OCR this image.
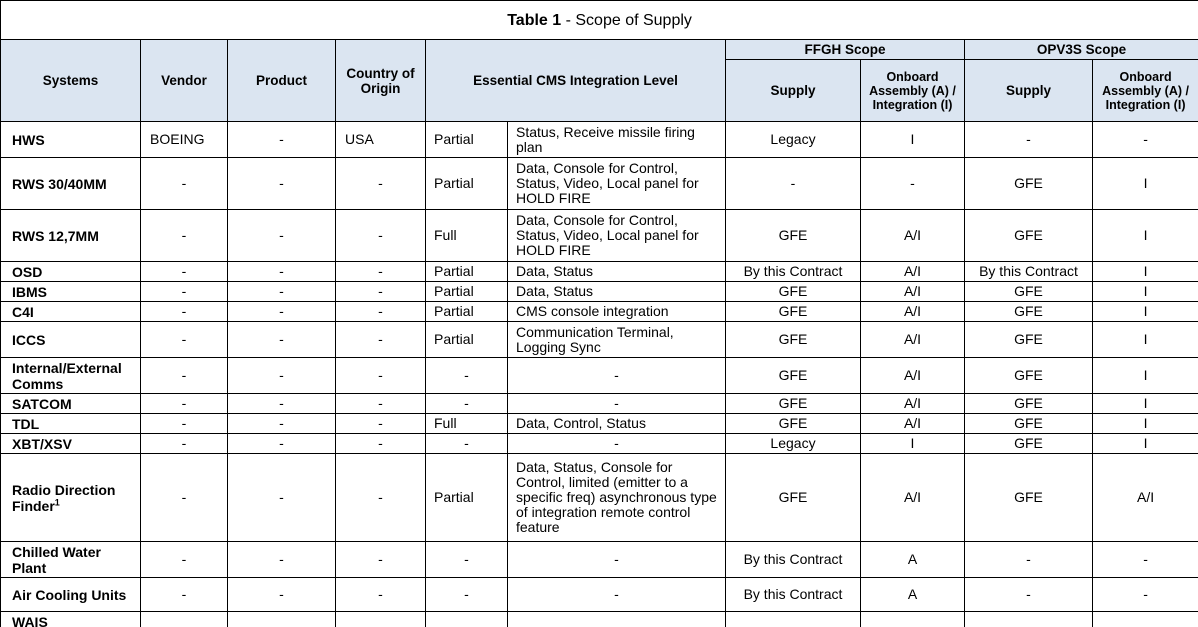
Table 1 - Scope of Supply									
Systems	Vendor	Product	Country of Origin	Essential CMS Integration Level		FFGH Scope		OPV3S Scope	
						Supply	Onboard Assembly (A) / Integration (I)	Supply	Onboard Assembly (A) / Integration (I)
HWS	BOEING	-	USA	Partial	Status, Receive missile firing plan	Legacy	I	-	-
RWS 30/40MM	-	-	-	Partial	Data, Console for Control, Status, Video, Local panel for HOLD FIRE	-	-	GFE	I
RWS 12,7MM	-	-	-	Full	Data, Console for Control, Status, Video, Local panel for HOLD FIRE	GFE	A/I	GFE	I
OSD	-	-	-	Partial	Data, Status	By this Contract	A/I	By this Contract	I
IBMS	-	-	-	Partial	Data, Status	GFE	A/I	GFE	I
C4I	-	-	-	Partial	CMS console integration	GFE	A/I	GFE	I
ICCS	-	-	-	Partial	Communication Terminal, Logging Sync	GFE	A/I	GFE	I
Internal/External Comms	-	-	-	-	-	GFE	A/I	GFE	I
SATCOM	-	-	-	-	-	GFE	A/I	GFE	I
TDL	-	-	-	Full	Data, Control, Status	GFE	A/I	GFE	I
XBT/XSV	-	-	-	-	-	Legacy	I	GFE	I
Radio Direction Finder$^1$	-	-	-	Partial	Data, Status, Console for Control, limited (emitter to a specific freq) asynchronous type of integration remote control feature	GFE	A/I	GFE	A/I
Chilled Water Plant	-	-	-	-	-	By this Contract	A	-	-
Air Cooling Units	-	-	-	-	-	By this Contract	A	-	-
WAIS									
